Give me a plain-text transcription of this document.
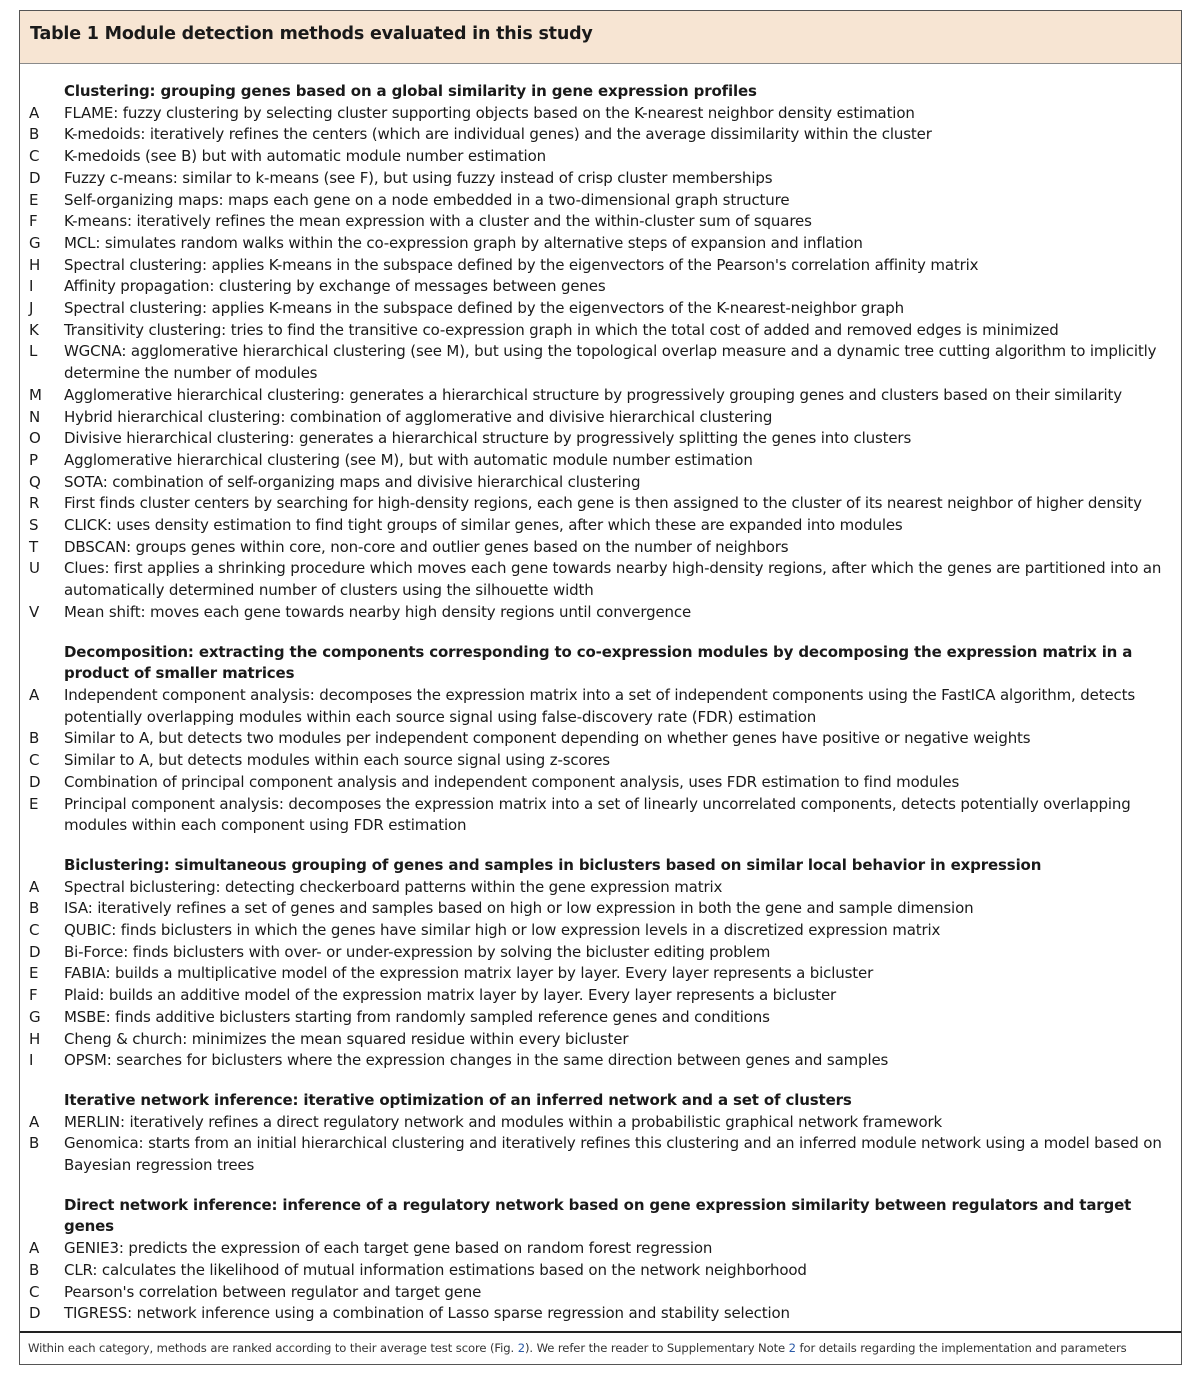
Table 1 Module detection methods evaluated in this study
Clustering: grouping genes based on a global similarity in gene expression profiles
A	FLAME: fuzzy clustering by selecting cluster supporting objects based on the K-nearest neighbor density estimation
B	K-medoids: iteratively refines the centers (which are individual genes) and the average dissimilarity within the cluster
C	K-medoids (see B) but with automatic module number estimation
D	Fuzzy c-means: similar to k-means (see F), but using fuzzy instead of crisp cluster memberships
E	Self-organizing maps: maps each gene on a node embedded in a two-dimensional graph structure
F	K-means: iteratively refines the mean expression with a cluster and the within-cluster sum of squares
G	MCL: simulates random walks within the co-expression graph by alternative steps of expansion and inflation
H	Spectral clustering: applies K-means in the subspace defined by the eigenvectors of the Pearson's correlation affinity matrix
I	Affinity propagation: clustering by exchange of messages between genes
J	Spectral clustering: applies K-means in the subspace defined by the eigenvectors of the K-nearest-neighbor graph
K	Transitivity clustering: tries to find the transitive co-expression graph in which the total cost of added and removed edges is minimized
L	WGCNA: agglomerative hierarchical clustering (see M), but using the topological overlap measure and a dynamic tree cutting algorithm to implicitly determine the number of modules
M	Agglomerative hierarchical clustering: generates a hierarchical structure by progressively grouping genes and clusters based on their similarity
N	Hybrid hierarchical clustering: combination of agglomerative and divisive hierarchical clustering
O	Divisive hierarchical clustering: generates a hierarchical structure by progressively splitting the genes into clusters
P	Agglomerative hierarchical clustering (see M), but with automatic module number estimation
Q	SOTA: combination of self-organizing maps and divisive hierarchical clustering
R	First finds cluster centers by searching for high-density regions, each gene is then assigned to the cluster of its nearest neighbor of higher density
S	CLICK: uses density estimation to find tight groups of similar genes, after which these are expanded into modules
T	DBSCAN: groups genes within core, non-core and outlier genes based on the number of neighbors
U	Clues: first applies a shrinking procedure which moves each gene towards nearby high-density regions, after which the genes are partitioned into an automatically determined number of clusters using the silhouette width
V	Mean shift: moves each gene towards nearby high density regions until convergence
Decomposition: extracting the components corresponding to co-expression modules by decomposing the expression matrix in a product of smaller matrices
A	Independent component analysis: decomposes the expression matrix into a set of independent components using the FastICA algorithm, detects potentially overlapping modules within each source signal using false-discovery rate (FDR) estimation
B	Similar to A, but detects two modules per independent component depending on whether genes have positive or negative weights
C	Similar to A, but detects modules within each source signal using z-scores
D	Combination of principal component analysis and independent component analysis, uses FDR estimation to find modules
E	Principal component analysis: decomposes the expression matrix into a set of linearly uncorrelated components, detects potentially overlapping modules within each component using FDR estimation
Biclustering: simultaneous grouping of genes and samples in biclusters based on similar local behavior in expression
A	Spectral biclustering: detecting checkerboard patterns within the gene expression matrix
B	ISA: iteratively refines a set of genes and samples based on high or low expression in both the gene and sample dimension
C	QUBIC: finds biclusters in which the genes have similar high or low expression levels in a discretized expression matrix
D	Bi-Force: finds biclusters with over- or under-expression by solving the bicluster editing problem
E	FABIA: builds a multiplicative model of the expression matrix layer by layer. Every layer represents a bicluster
F	Plaid: builds an additive model of the expression matrix layer by layer. Every layer represents a bicluster
G	MSBE: finds additive biclusters starting from randomly sampled reference genes and conditions
H	Cheng & church: minimizes the mean squared residue within every bicluster
I	OPSM: searches for biclusters where the expression changes in the same direction between genes and samples
Iterative network inference: iterative optimization of an inferred network and a set of clusters
A	MERLIN: iteratively refines a direct regulatory network and modules within a probabilistic graphical network framework
B	Genomica: starts from an initial hierarchical clustering and iteratively refines this clustering and an inferred module network using a model based on Bayesian regression trees
Direct network inference: inference of a regulatory network based on gene expression similarity between regulators and target genes
A	GENIE3: predicts the expression of each target gene based on random forest regression
B	CLR: calculates the likelihood of mutual information estimations based on the network neighborhood
C	Pearson's correlation between regulator and target gene
D	TIGRESS: network inference using a combination of Lasso sparse regression and stability selection
Within each category, methods are ranked according to their average test score (Fig. 2). We refer the reader to Supplementary Note 2 for details regarding the implementation and parameters
